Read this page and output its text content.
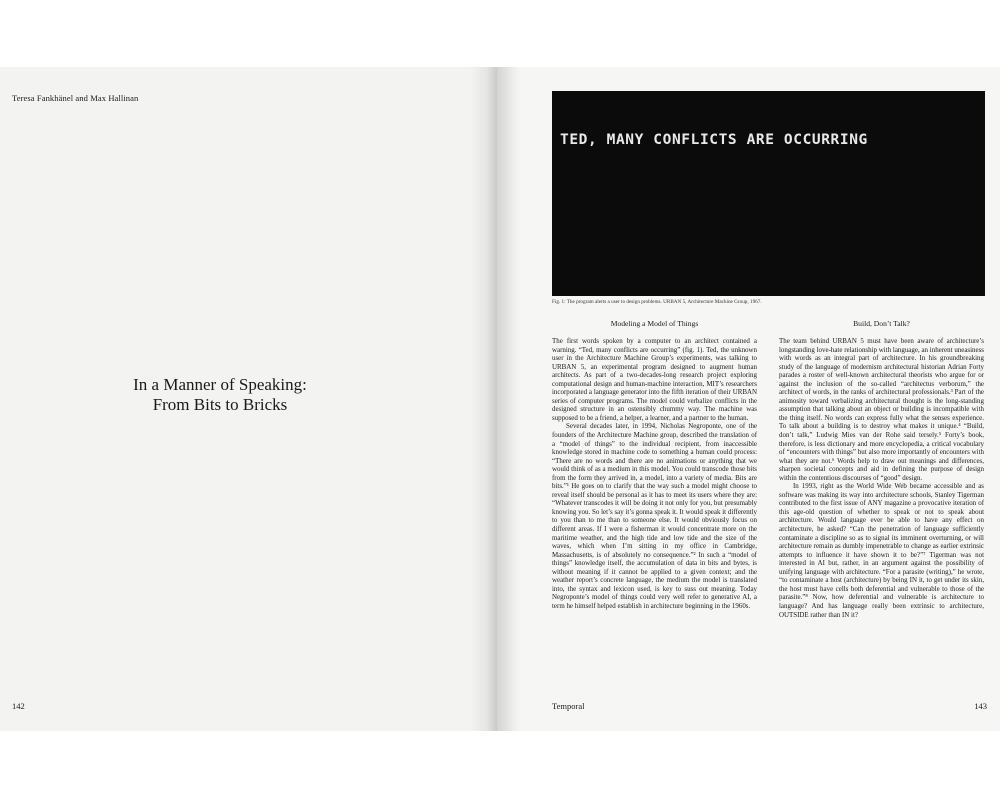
Teresa Fankhänel and Max Hallinan
In a Manner of Speaking:
From Bits to Bricks
142
TED, MANY CONFLICTS ARE OCCURRING
Fig. 1: The program alerts a user to design problems. URBAN 5, Architecture Machine Group, 1967.
Modeling a Model of Things

The first words spoken by a computer to an architect contained a warning. “Ted, many conflicts are occurring” (fig. 1). Ted, the unknown user in the Architecture Machine Group’s experiments, was talking to URBAN 5, an experimental program designed to augment human architects. As part of a two-decades-long research project exploring computational design and human-machine interaction, MIT’s researchers incorporated a language generator into the fifth iteration of their URBAN series of computer programs. The model could verbalize conflicts in the designed structure in an ostensibly chummy way. The machine was supposed to be a friend, a helper, a learner, and a partner to the human.

Several decades later, in 1994, Nicholas Negroponte, one of the founders of the Architecture Machine group, described the translation of a “model of things” to the individual recipient, from inaccessible knowledge stored in machine code to something a human could process: “There are no words and there are no animations or anything that we would think of as a medium in this model. You could transcode those bits from the form they arrived in, a model, into a variety of media. Bits are bits.”¹ He goes on to clarify that the way such a model might choose to reveal itself should be personal as it has to meet its users where they are: “Whatever transcodes it will be doing it not only for you, but presumably knowing you. So let’s say it’s gonna speak it. It would speak it differently to you than to me than to someone else. It would obviously focus on different areas. If I were a fisherman it would concentrate more on the maritime weather, and the high tide and low tide and the size of the waves, which when I’m sitting in my office in Cambridge, Massachusetts, is of absolutely no consequence.”² In such a “model of things” knowledge itself, the accumulation of data in bits and bytes, is without meaning if it cannot be applied to a given context; and the weather report’s concrete language, the medium the model is translated into, the syntax and lexicon used, is key to suss out meaning. Today Negroponte’s model of things could very well refer to generative AI, a term he himself helped establish in architecture beginning in the 1960s.

Build, Don’t Talk?

The team behind URBAN 5 must have been aware of architecture’s longstanding love-hate relationship with language, an inherent uneasiness with words as an integral part of architecture. In his groundbreaking study of the language of modernism architectural historian Adrian Forty parades a roster of well-known architectural theorists who argue for or against the inclusion of the so-called “architectus verborum,” the architect of words, in the ranks of architectural professionals.³ Part of the animosity toward verbalizing architectural thought is the long-standing assumption that talking about an object or building is incompatible with the thing itself. No words can express fully what the senses experience. To talk about a building is to destroy what makes it unique.⁴ “Build, don’t talk,” Ludwig Mies van der Rohe said tersely.⁵ Forty’s book, therefore, is less dictionary and more encyclopedia, a critical vocabulary of “encounters with things” but also more importantly of encounters with what they are not.⁶ Words help to draw out meanings and differences, sharpen societal concepts and aid in defining the purpose of design within the contentious discourses of “good” design.

In 1993, right as the World Wide Web became accessible and as software was making its way into architecture schools, Stanley Tigerman contributed to the first issue of ANY magazine a provocative iteration of this age-old question of whether to speak or not to speak about architecture. Would language ever be able to have any effect on architecture, he asked? “Can the penetration of language sufficiently contaminate a discipline so as to signal its imminent overturning, or will architecture remain as dumbly impenetrable to change as earlier extrinsic attempts to influence it have shown it to be?”⁷ Tigerman was not interested in AI but, rather, in an argument against the possibility of unifying language with architecture. “For a parasite (writing),” he wrote, “to contaminate a host (architecture) by being IN it, to get under its skin, the host must have cells both deferential and vulnerable to those of the parasite.”⁸ Now, how deferential and vulnerable is architecture to language? And has language really been extrinsic to architecture, OUTSIDE rather than IN it?

Temporal	143
